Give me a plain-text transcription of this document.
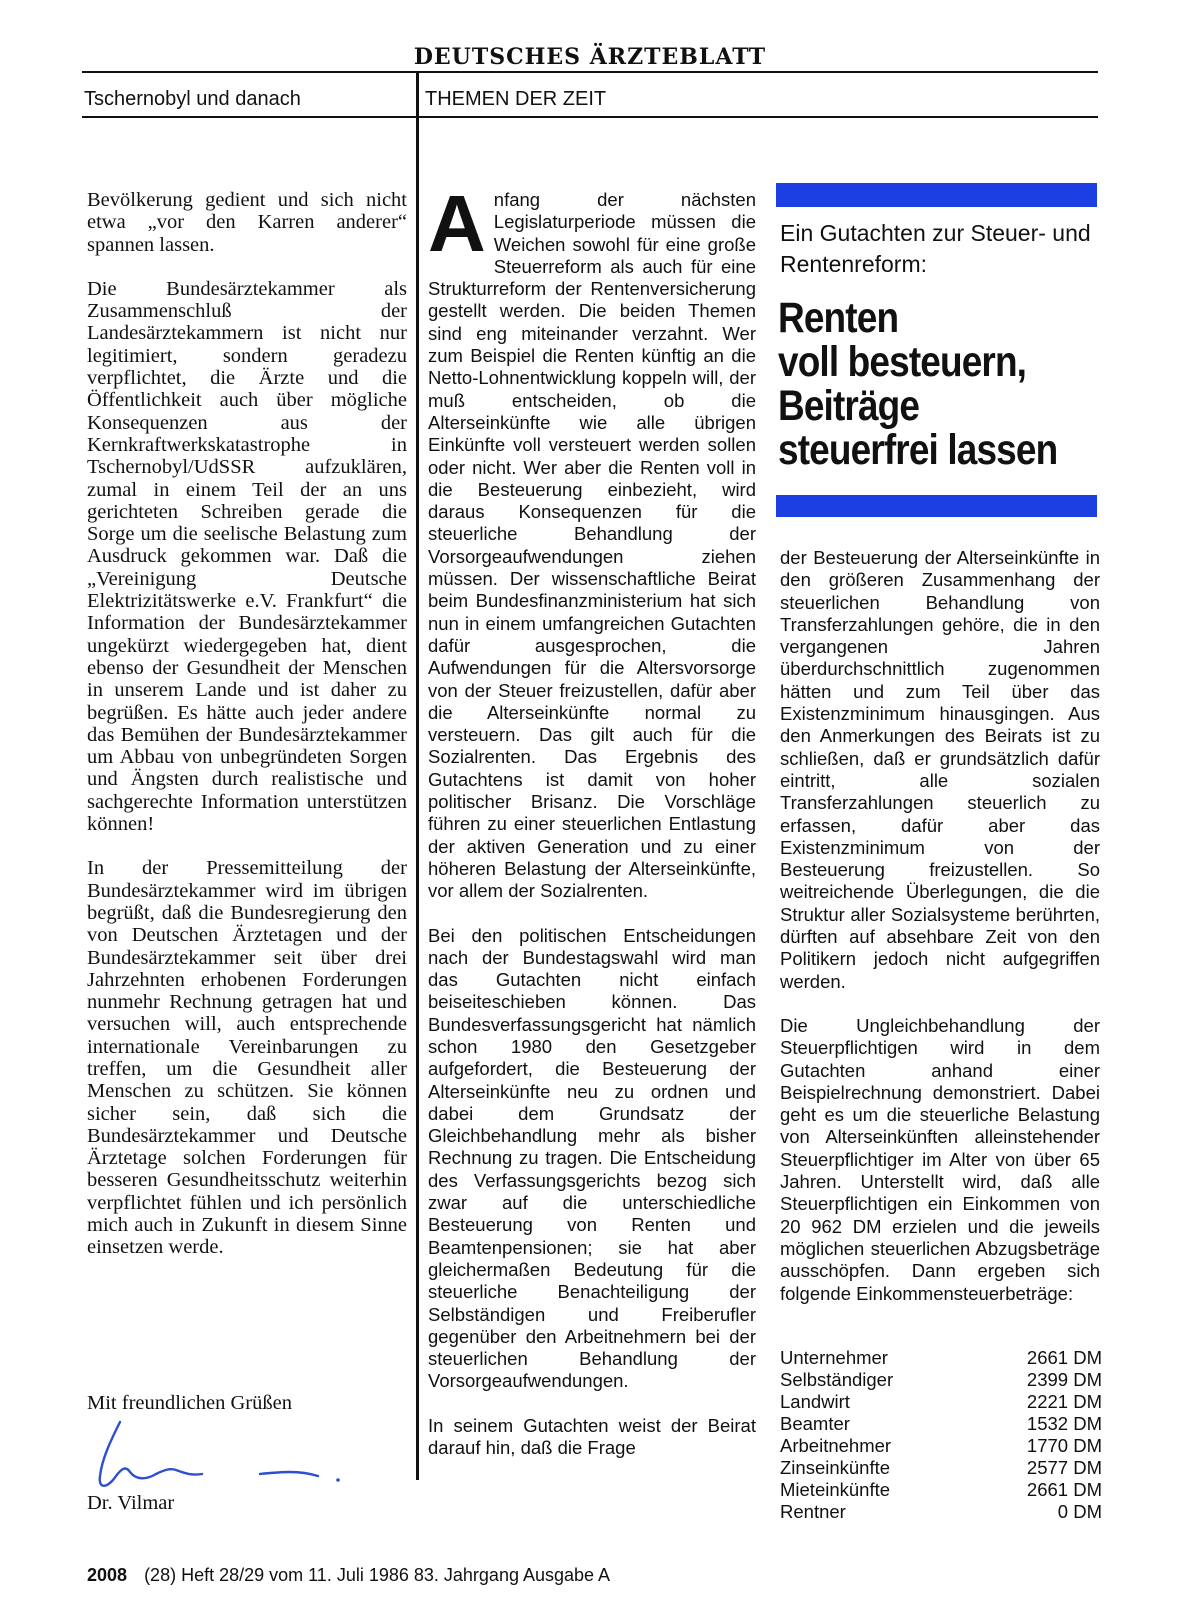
DEUTSCHES ÄRZTEBLATT
Tschernobyl und danach	THEMEN DER ZEIT

Bevölkerung gedient und sich nicht etwa „vor den Karren anderer“ spannen lassen.

Die Bundesärztekammer als Zusammenschluß der Landesärztekammern ist nicht nur legitimiert, sondern geradezu verpflichtet, die Ärzte und die Öffentlichkeit auch über mögliche Konsequenzen aus der Kernkraftwerkskatastrophe in Tschernobyl/UdSSR aufzuklären, zumal in einem Teil der an uns gerichteten Schreiben gerade die Sorge um die seelische Belastung zum Ausdruck gekommen war. Daß die „Vereinigung Deutsche Elektrizitätswerke e.V. Frankfurt“ die Information der Bundesärztekammer ungekürzt wiedergegeben hat, dient ebenso der Gesundheit der Menschen in unserem Lande und ist daher zu begrüßen. Es hätte auch jeder andere das Bemühen der Bundesärztekammer um Abbau von unbegründeten Sorgen und Ängsten durch realistische und sachgerechte Information unterstützen können!

In der Pressemitteilung der Bundesärztekammer wird im übrigen begrüßt, daß die Bundesregierung den von Deutschen Ärztetagen und der Bundesärztekammer seit über drei Jahrzehnten erhobenen Forderungen nunmehr Rechnung getragen hat und versuchen will, auch entsprechende internationale Vereinbarungen zu treffen, um die Gesundheit aller Menschen zu schützen. Sie können sicher sein, daß sich die Bundesärztekammer und Deutsche Ärztetage solchen Forderungen für besseren Gesundheitsschutz weiterhin verpflichtet fühlen und ich persönlich mich auch in Zukunft in diesem Sinne einsetzen werde.

Mit freundlichen Grüßen
Dr. Vilmar

A nfang der nächsten Legislaturperiode müssen die Weichen sowohl für eine große Steuerreform als auch für eine Strukturreform der Rentenversicherung gestellt werden. Die beiden Themen sind eng miteinander verzahnt. Wer zum Beispiel die Renten künftig an die Netto-Lohnentwicklung koppeln will, der muß entscheiden, ob die Alterseinkünfte wie alle übrigen Einkünfte voll versteuert werden sollen oder nicht. Wer aber die Renten voll in die Besteuerung einbezieht, wird daraus Konsequenzen für die steuerliche Behandlung der Vorsorgeaufwendungen ziehen müssen. Der wissenschaftliche Beirat beim Bundesfinanzministerium hat sich nun in einem umfangreichen Gutachten dafür ausgesprochen, die Aufwendungen für die Altersvorsorge von der Steuer freizustellen, dafür aber die Alterseinkünfte normal zu versteuern. Das gilt auch für die Sozialrenten. Das Ergebnis des Gutachtens ist damit von hoher politischer Brisanz. Die Vorschläge führen zu einer steuerlichen Entlastung der aktiven Generation und zu einer höheren Belastung der Alterseinkünfte, vor allem der Sozialrenten.

Bei den politischen Entscheidungen nach der Bundestagswahl wird man das Gutachten nicht einfach beiseiteschieben können. Das Bundesverfassungsgericht hat nämlich schon 1980 den Gesetzgeber aufgefordert, die Besteuerung der Alterseinkünfte neu zu ordnen und dabei dem Grundsatz der Gleichbehandlung mehr als bisher Rechnung zu tragen. Die Entscheidung des Verfassungsgerichts bezog sich zwar auf die unterschiedliche Besteuerung von Renten und Beamtenpensionen; sie hat aber gleichermaßen Bedeutung für die steuerliche Benachteiligung der Selbständigen und Freiberufler gegenüber den Arbeitnehmern bei der steuerlichen Behandlung der Vorsorgeaufwendungen.

In seinem Gutachten weist der Beirat darauf hin, daß die Frage

Ein Gutachten zur Steuer- und Rentenreform:
Renten
voll besteuern,
Beiträge
steuerfrei lassen

der Besteuerung der Alterseinkünfte in den größeren Zusammenhang der steuerlichen Behandlung von Transferzahlungen gehöre, die in den vergangenen Jahren überdurchschnittlich zugenommen hätten und zum Teil über das Existenzminimum hinausgingen. Aus den Anmerkungen des Beirats ist zu schließen, daß er grundsätzlich dafür eintritt, alle sozialen Transferzahlungen steuerlich zu erfassen, dafür aber das Existenzminimum von der Besteuerung freizustellen. So weitreichende Überlegungen, die die Struktur aller Sozialsysteme berührten, dürften auf absehbare Zeit von den Politikern jedoch nicht aufgegriffen werden.

Die Ungleichbehandlung der Steuerpflichtigen wird in dem Gutachten anhand einer Beispielrechnung demonstriert. Dabei geht es um die steuerliche Belastung von Alterseinkünften alleinstehender Steuerpflichtiger im Alter von über 65 Jahren. Unterstellt wird, daß alle Steuerpflichtigen ein Einkommen von 20 962 DM erzielen und die jeweils möglichen steuerlichen Abzugsbeträge ausschöpfen. Dann ergeben sich folgende Einkommensteuerbeträge:

Unternehmer	2661 DM
Selbständiger	2399 DM
Landwirt	2221 DM
Beamter	1532 DM
Arbeitnehmer	1770 DM
Zinseinkünfte	2577 DM
Mieteinkünfte	2661 DM
Rentner	0 DM
2008 (28) Heft 28/29 vom 11. Juli 1986 83. Jahrgang Ausgabe A
